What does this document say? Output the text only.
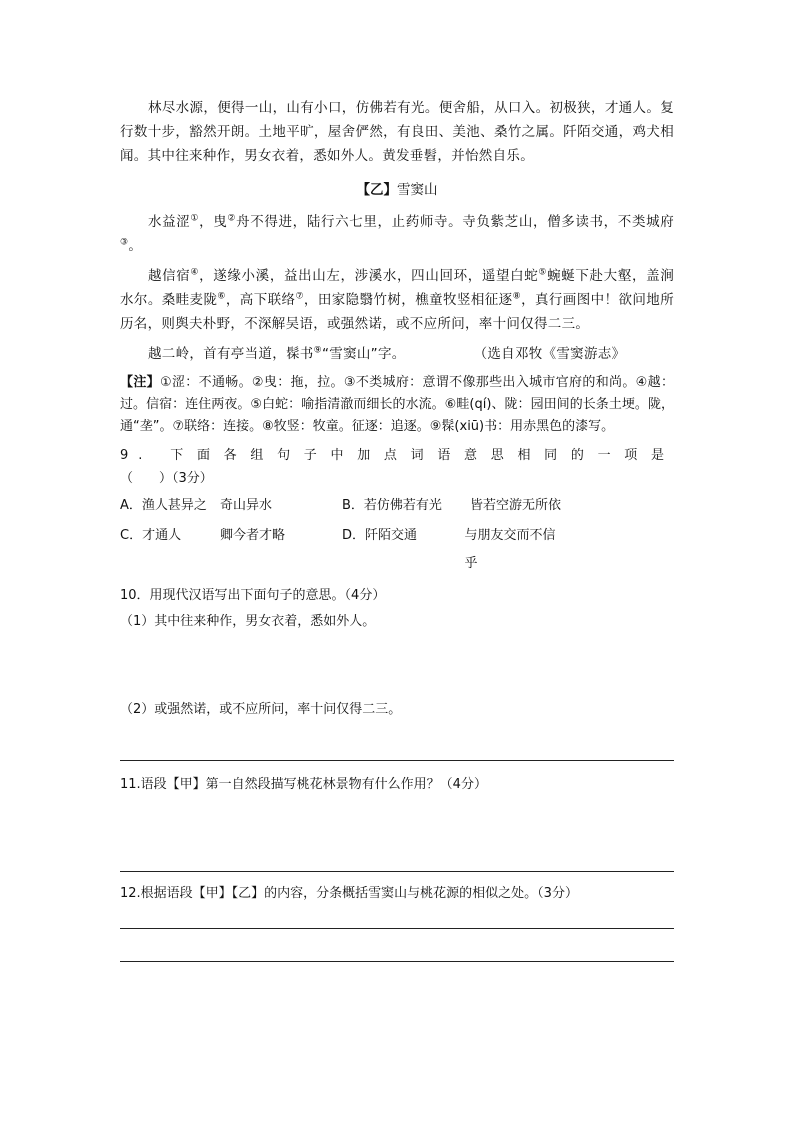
林尽水源，便得一山，山有小口，仿佛若有光。便舍船，从口入。初极狭，才通人。复行数十步，豁然开朗。土地平旷，屋舍俨然，有良田、美池、桑竹之属。阡陌交通，鸡犬相闻。其中往来种作，男女衣着，悉如外人。黄发垂髫，并怡然自乐。

【乙】雪窦山

水益涩①，曳②舟不得进，陆行六七里，止药师寺。寺负紫芝山，僧多读书，不类城府③。

越信宿④，遂缘小溪，益出山左，涉溪水，四山回环，遥望白蛇⑤蜿蜒下赴大壑，盖涧水尔。桑畦麦陇⑥，高下联络⑦，田家隐翳竹树，樵童牧竖相征逐⑧，真行画图中！欲问地所历名，则舆夫朴野，不深解吴语，或强然诺，或不应所问，率十问仅得二三。

越二岭，首有亭当道，髹书⑨“雪窦山”字。	（选自邓牧《雪窦游志》

【注】①涩：不通畅。②曳：拖，拉。③不类城府：意谓不像那些出入城市官府的和尚。④越：过。信宿：连住两夜。⑤白蛇：喻指清澈而细长的水流。⑥畦(qí)、陇：园田间的长条土埂。陇，通“垄”。⑦联络：连接。⑧牧竖：牧童。征逐：追逐。⑨髹(xiū)书：用赤黑色的漆写。

9. 下面各组句子中加点词语意思相同的一项是

（　　）（3分）

A．渔人甚异之	奇山异水	B．若仿佛若有光	皆若空游无所依
C．才通人	卿今者才略	D．阡陌交通	与朋友交而不信乎

10．用现代汉语写出下面句子的意思。（4分）

（1）其中往来种作，男女衣着，悉如外人。

（2）或强然诺，或不应所问，率十问仅得二三。

11.语段【甲】第一自然段描写桃花林景物有什么作用？（4分）

12.根据语段【甲】【乙】的内容，分条概括雪窦山与桃花源的相似之处。（3分）
